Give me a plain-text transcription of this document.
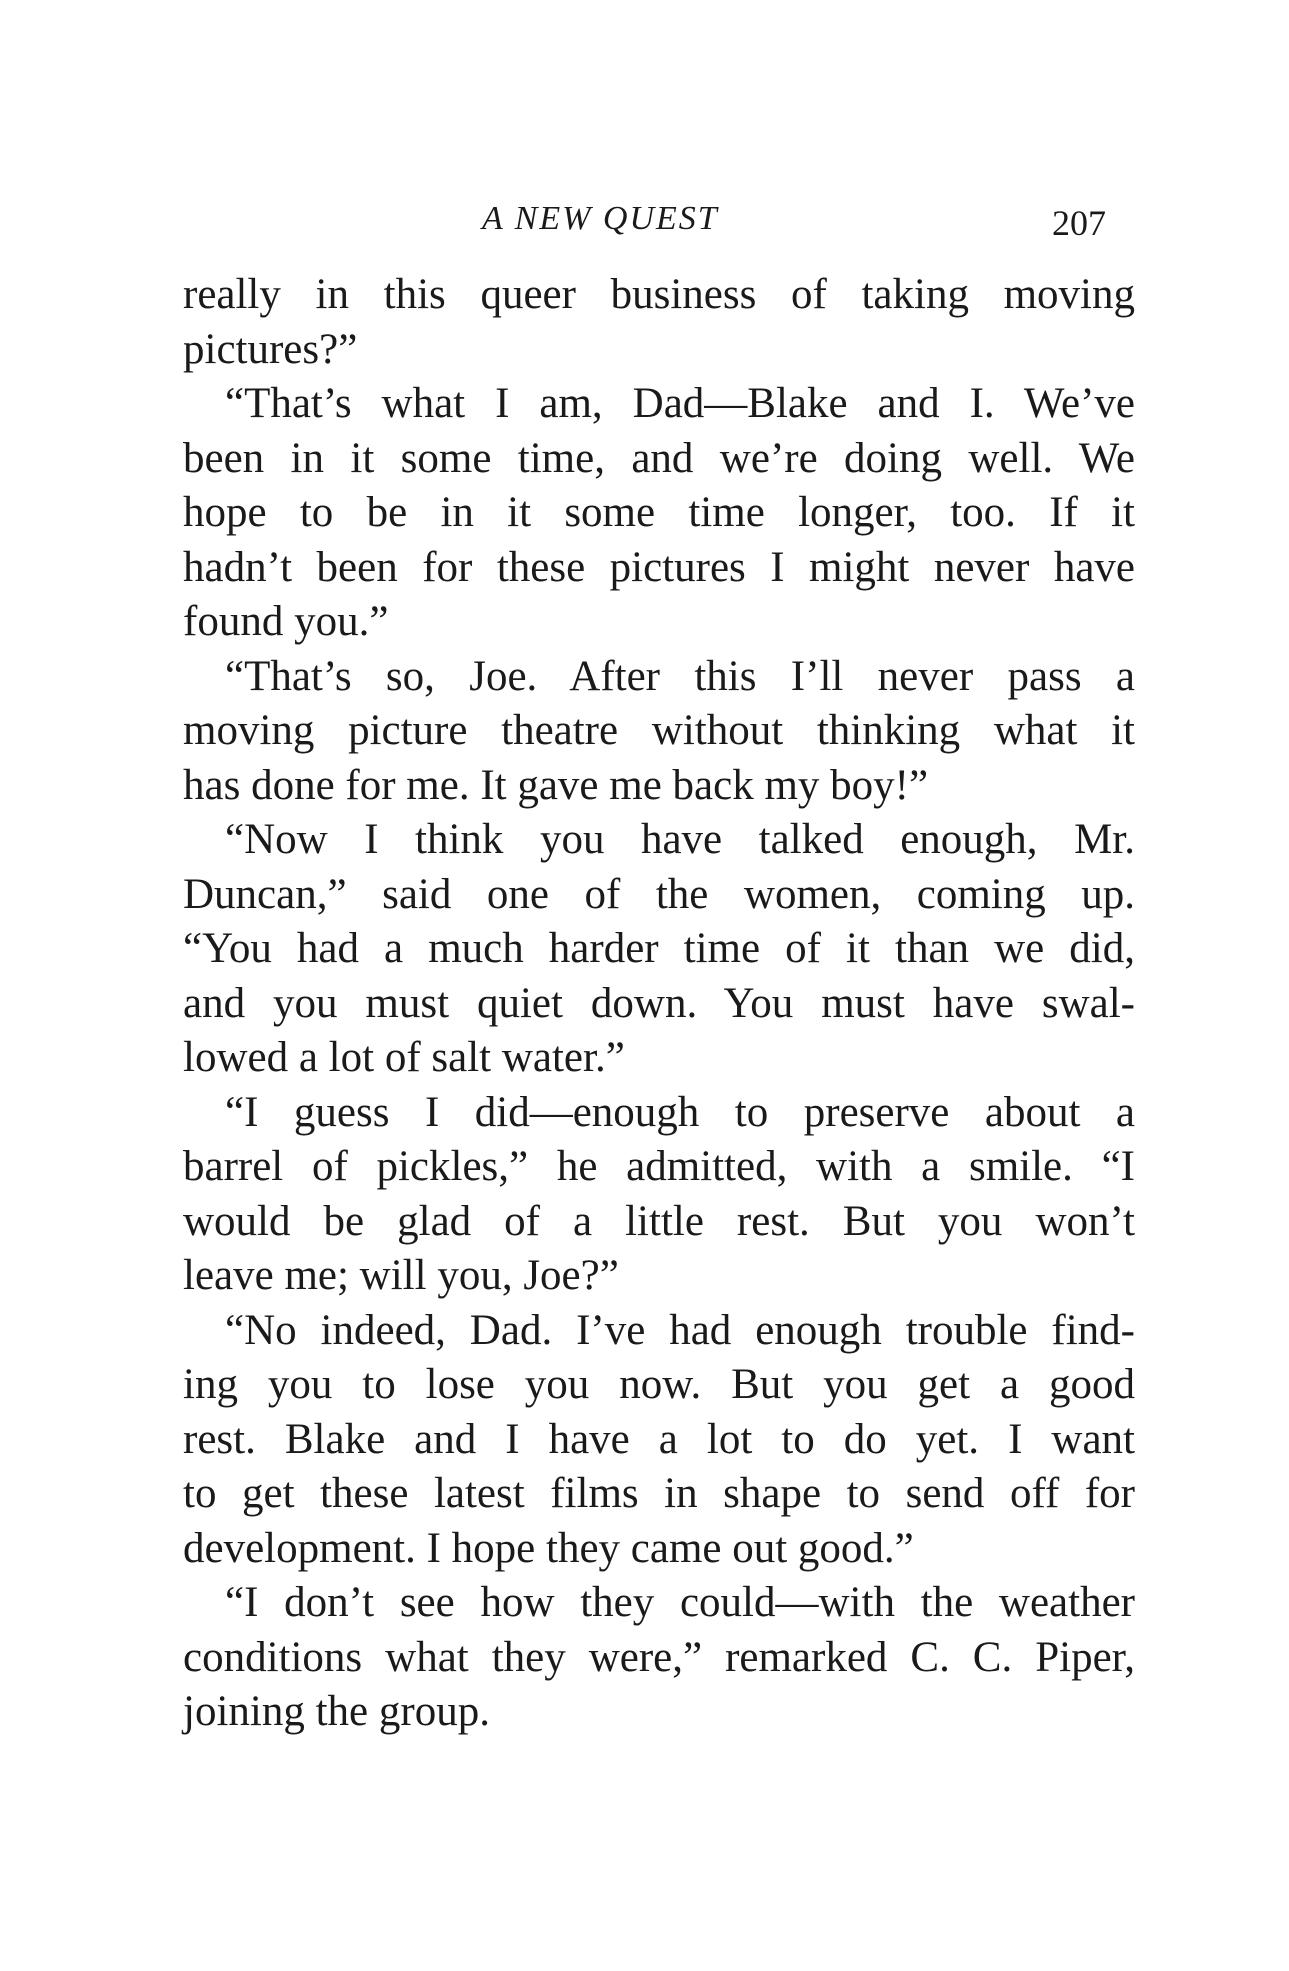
A NEW QUEST	207
really in this queer business of taking moving
pictures?”
“That’s what I am, Dad—Blake and I. We’ve
been in it some time, and we’re doing well. We
hope to be in it some time longer, too. If it
hadn’t been for these pictures I might never have
found you.”
“That’s so, Joe. After this I’ll never pass a
moving picture theatre without thinking what it
has done for me. It gave me back my boy!”
“Now I think you have talked enough, Mr.
Duncan,” said one of the women, coming up.
“You had a much harder time of it than we did,
and you must quiet down. You must have swal-
lowed a lot of salt water.”
“I guess I did—enough to preserve about a
barrel of pickles,” he admitted, with a smile. “I
would be glad of a little rest. But you won’t
leave me; will you, Joe?”
“No indeed, Dad. I’ve had enough trouble find-
ing you to lose you now. But you get a good
rest. Blake and I have a lot to do yet. I want
to get these latest films in shape to send off for
development. I hope they came out good.”
“I don’t see how they could—with the weather
conditions what they were,” remarked C. C. Piper,
joining the group.
